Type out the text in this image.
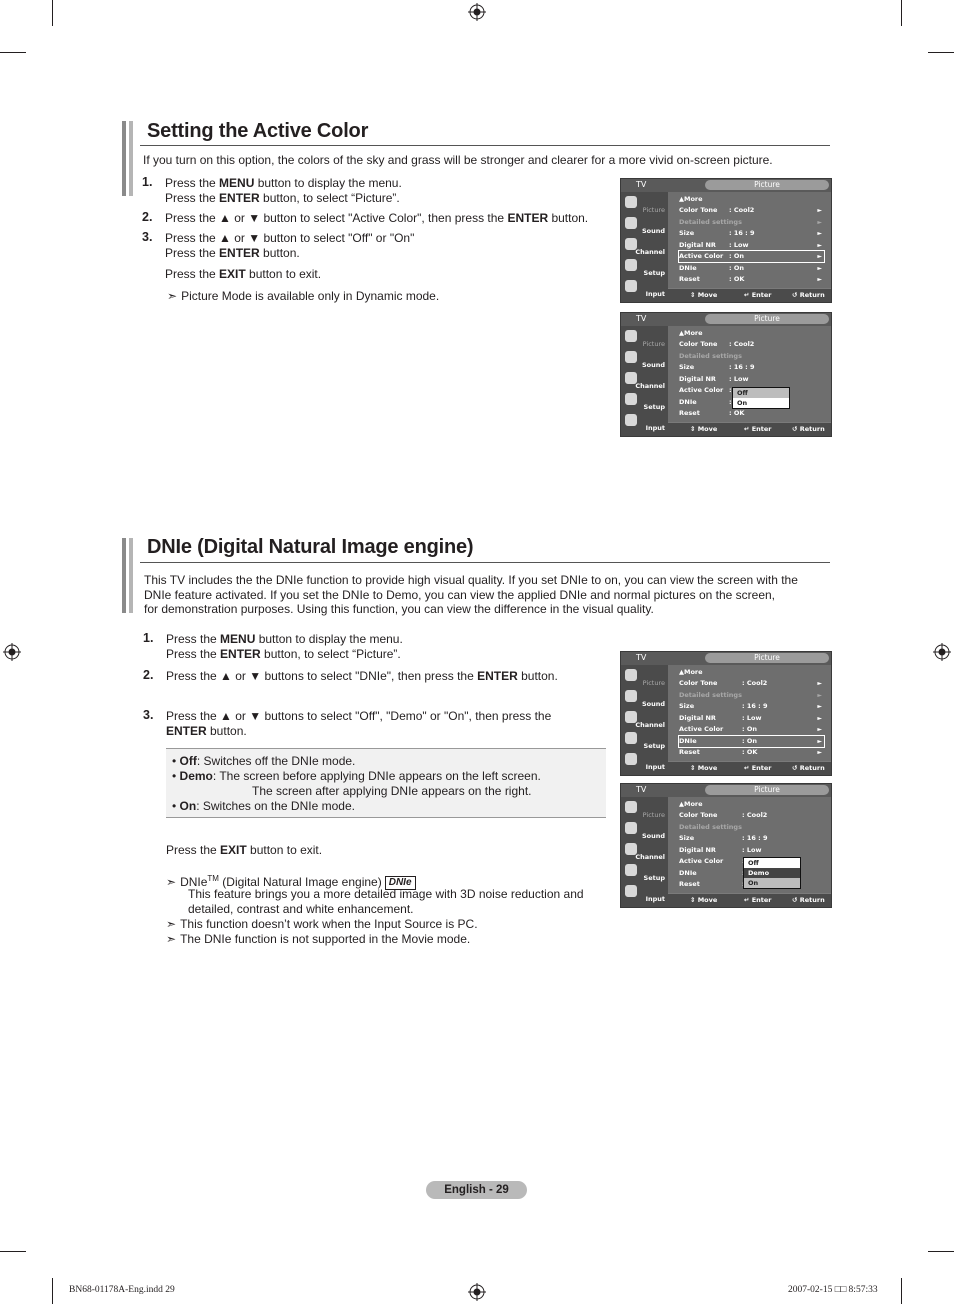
Setting the Active Color
If you turn on this option, the colors of the sky and grass will be stronger and clearer for a more vivid on-screen picture.
1. Press the MENU button to display the menu.
Press the ENTER button, to select “Picture”.
2. Press the ▲ or ▼ button to select "Active Color", then press the ENTER button.
3. Press the ▲ or ▼ button to select "Off" or "On"
Press the ENTER button.
Press the EXIT button to exit.
➣ Picture Mode is available only in Dynamic mode.
TV	Picture
Picture
Sound
Channel
Setup
Input
▲More
Color Tone : Cool2	►
Detailed settings	►
Size	: 16 : 9	►
Digital NR : Low	►
Active Color : On	►
DNIe	: On	►
Reset	: OK	►
⇕ Move	↵ Enter	↺ Return
TV	Picture
Picture
Sound
Channel
Setup
Input
▲More
Color Tone : Cool2
Detailed settings
Size	: 16 : 9
Digital NR : Low
Active Color :
DNIe	:
Reset	: OK
Off
On
⇕ Move	↵ Enter	↺ Return
DNIe (Digital Natural Image engine)
This TV includes the the DNIe function to provide high visual quality. If you set DNIe to on, you can view the screen with the
DNIe feature activated. If you set the DNIe to Demo, you can view the applied DNIe and normal pictures on the screen,
for demonstration purposes. Using this function, you can view the difference in the visual quality.
1. Press the MENU button to display the menu.
Press the ENTER button, to select “Picture”.
2. Press the ▲ or ▼ buttons to select "DNIe", then press the ENTER button.
3. Press the ▲ or ▼ buttons to select "Off", "Demo" or "On", then press the
ENTER button.
• Off: Switches off the DNIe mode.
• Demo: The screen before applying DNIe appears on the left screen.
The screen after applying DNIe appears on the right.
• On: Switches on the DNIe mode.
Press the EXIT button to exit.
➣ DNIe™ (Digital Natural Image engine) DNIe
This feature brings you a more detailed image with 3D noise reduction and
detailed, contrast and white enhancement.
➣ This function doesn’t work when the Input Source is PC.
➣ The DNIe function is not supported in the Movie mode.
TV	Picture
Picture
Sound
Channel
Setup
Input
▲More
Color Tone	: Cool2	►
Detailed settings	►
Size	: 16 : 9	►
Digital NR	: Low	►
Active Color	: On	►
DNIe	: On	►
Reset	: OK	►
⇕ Move	↵ Enter	↺ Return
TV	Picture
Picture
Sound
Channel
Setup
Input
▲More
Color Tone	: Cool2
Detailed settings
Size	: 16 : 9
Digital NR	: Low
Active Color
DNIe
Reset
Off
Demo
On
⇕ Move	↵ Enter	↺ Return
English - 29
BN68-01178A-Eng.indd 29	2007-02-15 □□ 8:57:33
